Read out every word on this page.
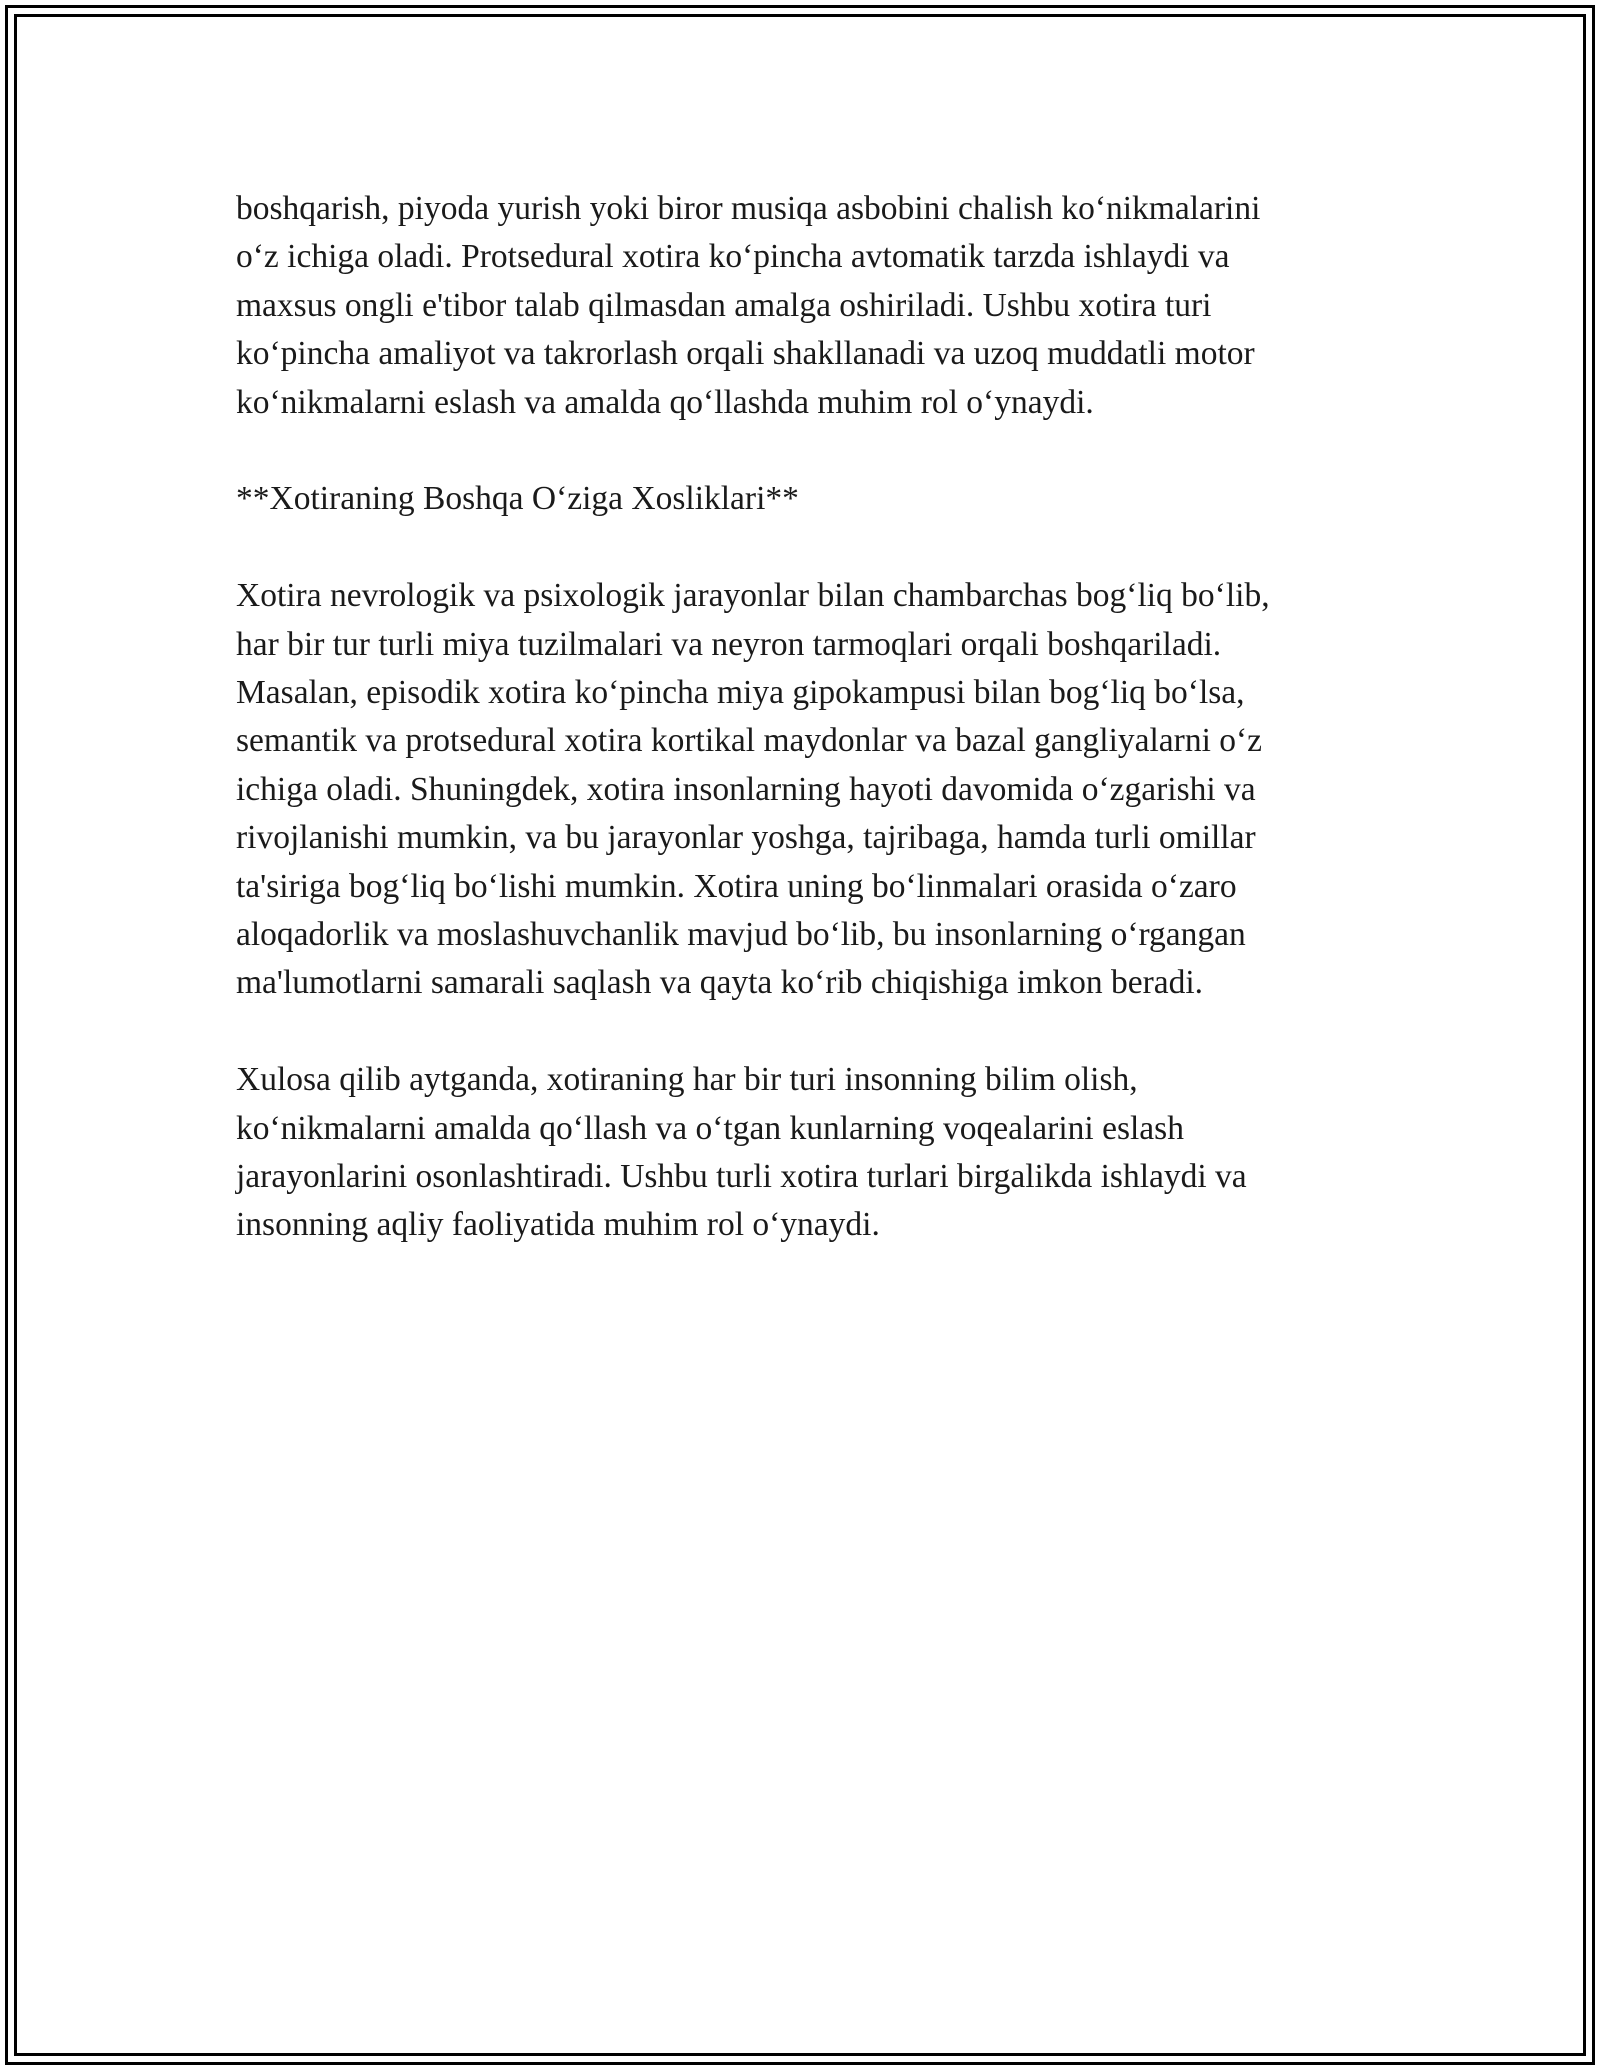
boshqarish, piyoda yurish yoki biror musiqa asbobini chalish ko‘nikmalarini
o‘z ichiga oladi. Protsedural xotira ko‘pincha avtomatik tarzda ishlaydi va
maxsus ongli e'tibor talab qilmasdan amalga oshiriladi. Ushbu xotira turi
ko‘pincha amaliyot va takrorlash orqali shakllanadi va uzoq muddatli motor
ko‘nikmalarni eslash va amalda qo‘llashda muhim rol o‘ynaydi.

**Xotiraning Boshqa O‘ziga Xosliklari**

Xotira nevrologik va psixologik jarayonlar bilan chambarchas bog‘liq bo‘lib,
har bir tur turli miya tuzilmalari va neyron tarmoqlari orqali boshqariladi.
Masalan, episodik xotira ko‘pincha miya gipokampusi bilan bog‘liq bo‘lsa,
semantik va protsedural xotira kortikal maydonlar va bazal gangliyalarni o‘z
ichiga oladi. Shuningdek, xotira insonlarning hayoti davomida o‘zgarishi va
rivojlanishi mumkin, va bu jarayonlar yoshga, tajribaga, hamda turli omillar
ta'siriga bog‘liq bo‘lishi mumkin. Xotira uning bo‘linmalari orasida o‘zaro
aloqadorlik va moslashuvchanlik mavjud bo‘lib, bu insonlarning o‘rgangan
ma'lumotlarni samarali saqlash va qayta ko‘rib chiqishiga imkon beradi.

Xulosa qilib aytganda, xotiraning har bir turi insonning bilim olish,
ko‘nikmalarni amalda qo‘llash va o‘tgan kunlarning voqealarini eslash
jarayonlarini osonlashtiradi. Ushbu turli xotira turlari birgalikda ishlaydi va
insonning aqliy faoliyatida muhim rol o‘ynaydi.
